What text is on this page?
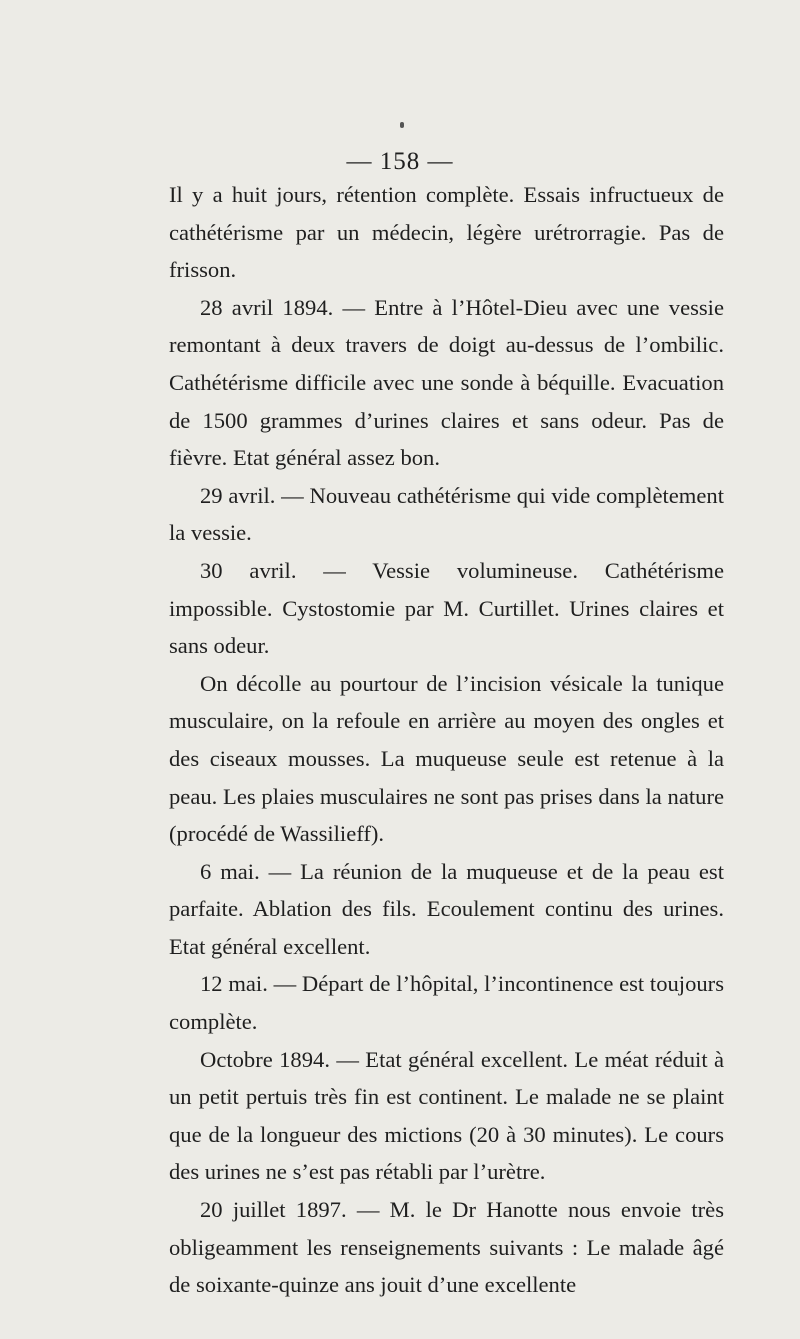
— 158 —

Il y a huit jours, rétention complète. Essais infructueux de cathétérisme par un médecin, légère urétrorragie. Pas de frisson.

28 avril 1894. — Entre à l’Hôtel-Dieu avec une vessie remontant à deux travers de doigt au-dessus de l’ombilic. Cathétérisme difficile avec une sonde à béquille. Evacuation de 1500 grammes d’urines claires et sans odeur. Pas de fièvre. Etat général assez bon.

29 avril. — Nouveau cathétérisme qui vide complètement la vessie.

30 avril. — Vessie volumineuse. Cathétérisme impossible. Cystostomie par M. Curtillet. Urines claires et sans odeur.

On décolle au pourtour de l’incision vésicale la tunique musculaire, on la refoule en arrière au moyen des ongles et des ciseaux mousses. La muqueuse seule est retenue à la peau. Les plaies musculaires ne sont pas prises dans la nature (procédé de Wassilieff).

6 mai. — La réunion de la muqueuse et de la peau est parfaite. Ablation des fils. Ecoulement continu des urines. Etat général excellent.

12 mai. — Départ de l’hôpital, l’incontinence est toujours complète.

Octobre 1894. — Etat général excellent. Le méat réduit à un petit pertuis très fin est continent. Le malade ne se plaint que de la longueur des mictions (20 à 30 minutes). Le cours des urines ne s’est pas rétabli par l’urètre.

20 juillet 1897. — M. le Dr Hanotte nous envoie très obligeamment les renseignements suivants : Le malade âgé de soixante-quinze ans jouit d’une excellente
